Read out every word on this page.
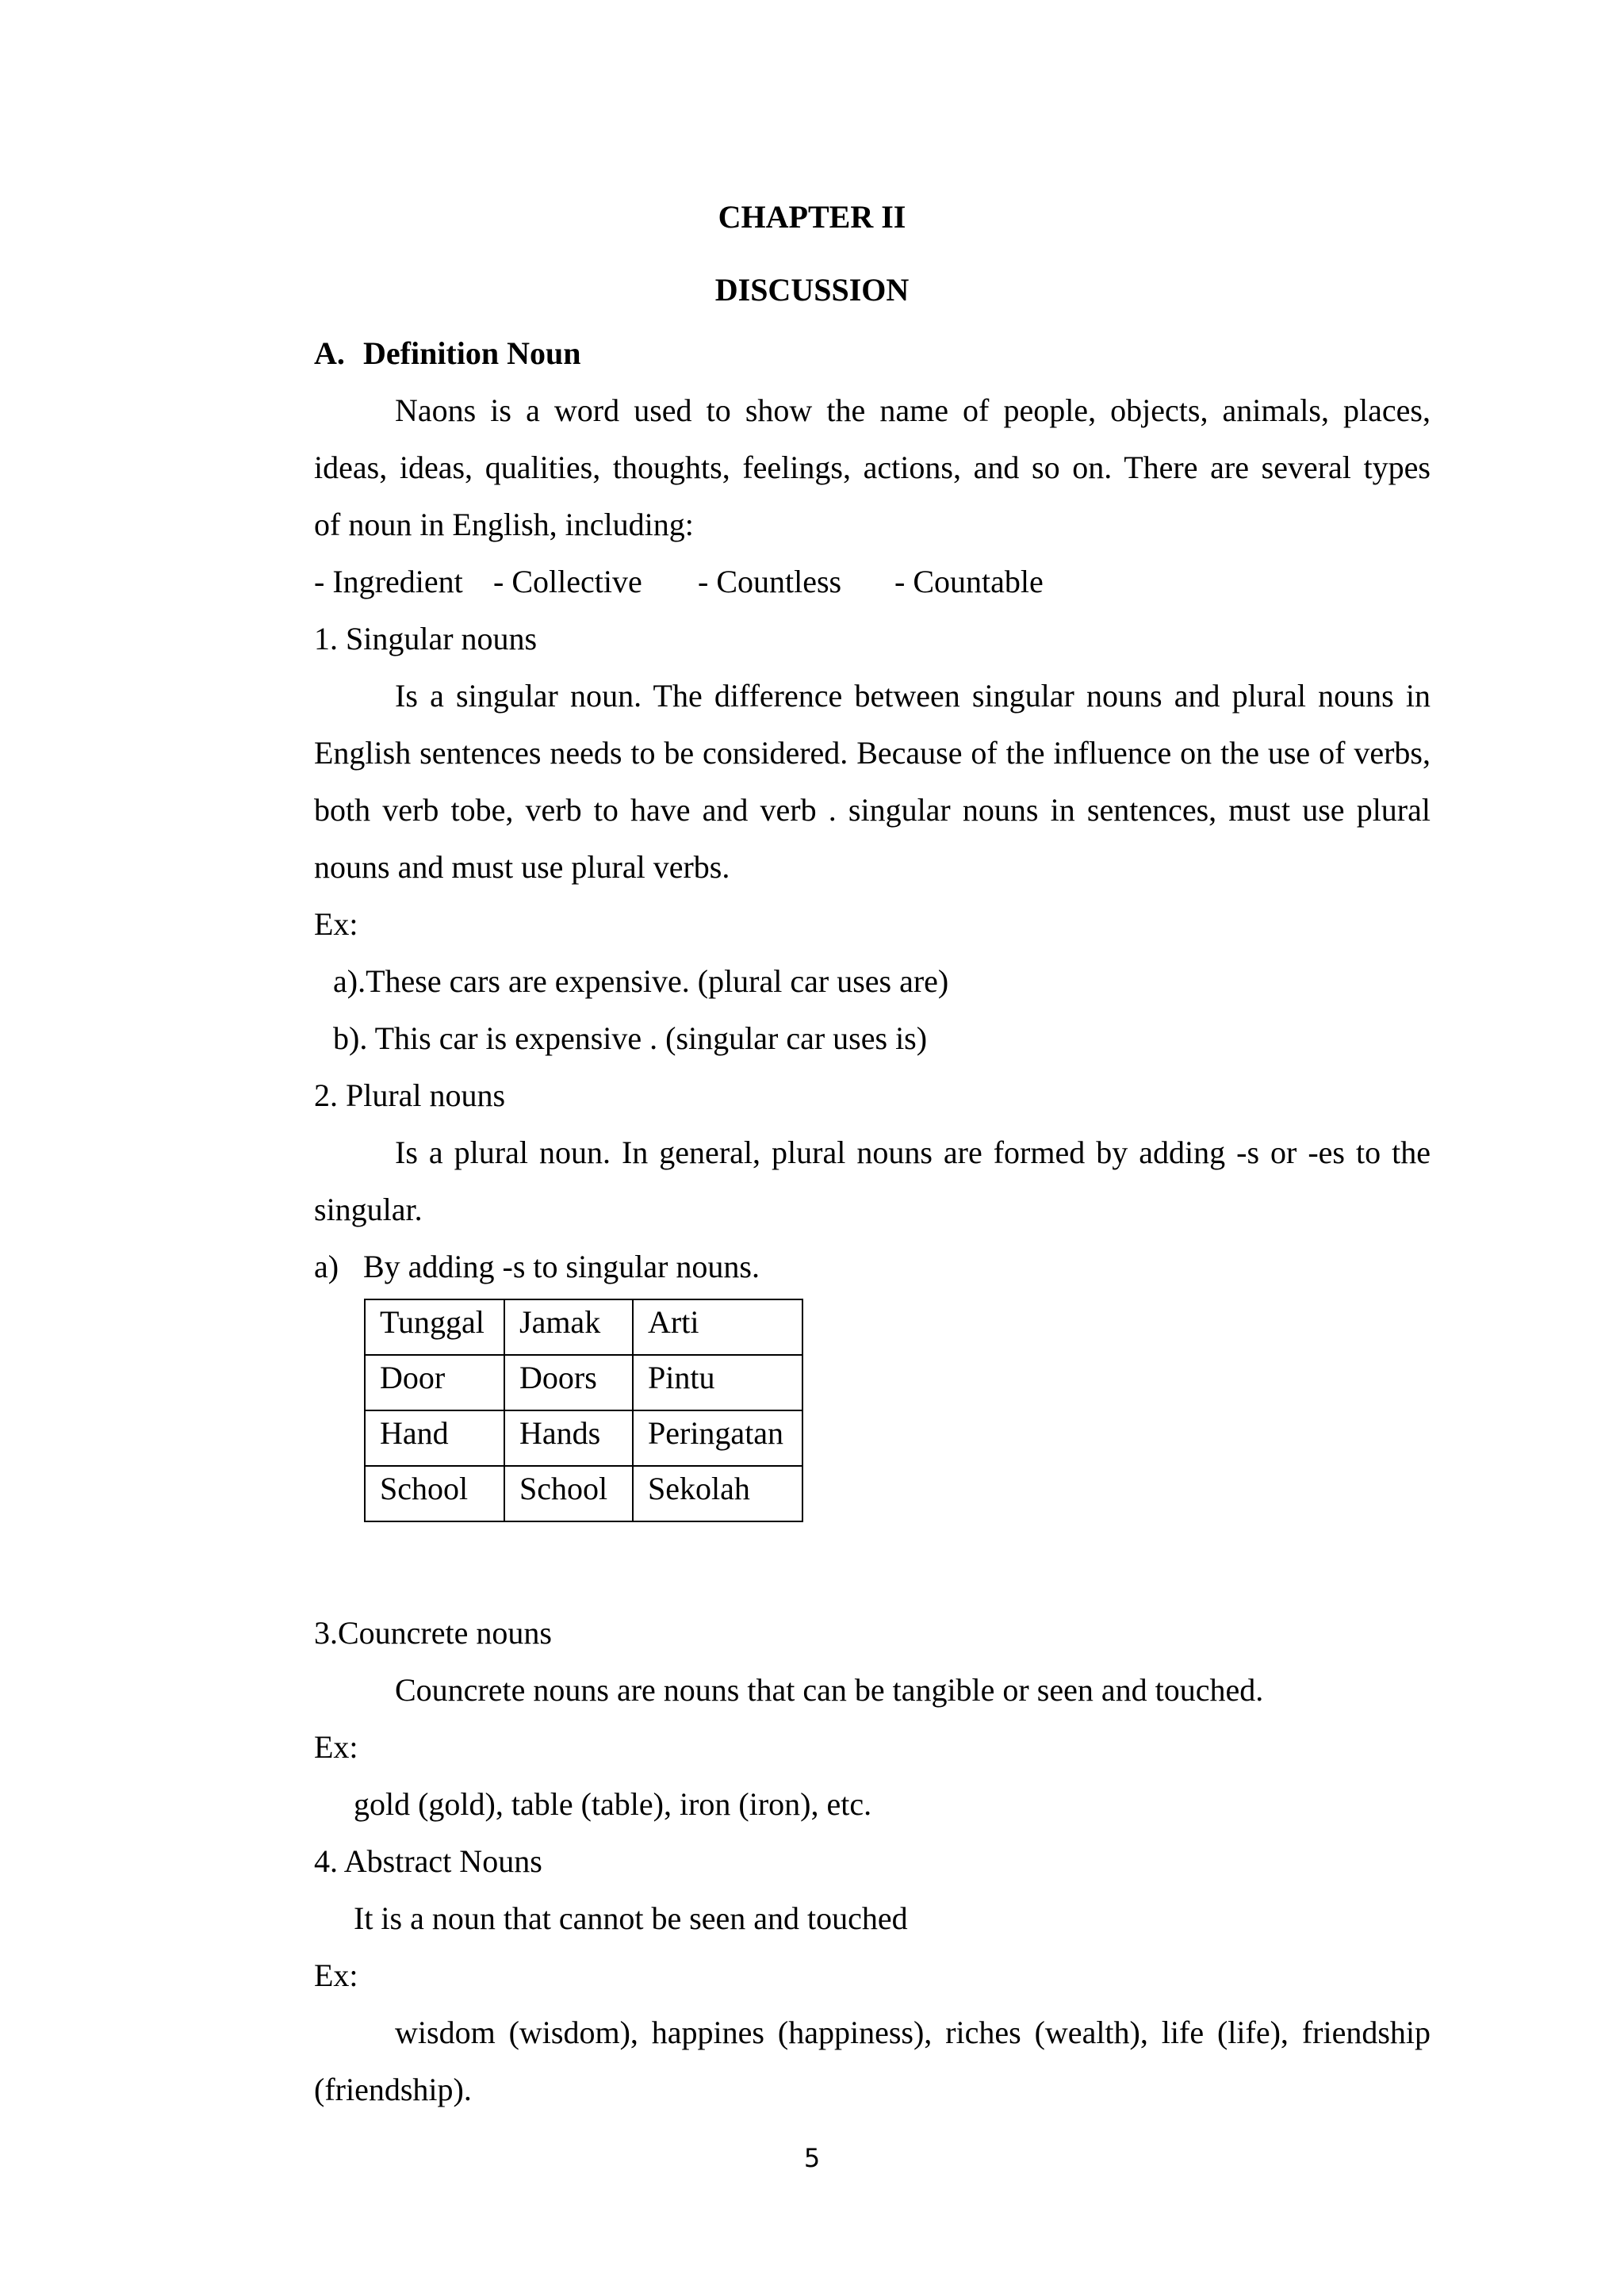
CHAPTER II
DISCUSSION
A. Definition Noun
Naons is a word used to show the name of people, objects, animals, places,
ideas, ideas, qualities, thoughts, feelings, actions, and so on. There are several types
of noun in English, including:
- Ingredient - Collective - Countless - Countable
1. Singular nouns
Is a singular noun. The difference between singular nouns and plural nouns in
English sentences needs to be considered. Because of the influence on the use of verbs,
both verb tobe, verb to have and verb . singular nouns in sentences, must use plural
nouns and must use plural verbs.
Ex:
a).These cars are expensive. (plural car uses are)
b). This car is expensive . (singular car uses is)
2. Plural nouns
Is a plural noun. In general, plural nouns are formed by adding -s or -es to the
singular.
a) By adding -s to singular nouns.
Tunggal	Jamak	Arti
Door	Doors	Pintu
Hand	Hands	Peringatan
School	School	Sekolah
3.Councrete nouns
Councrete nouns are nouns that can be tangible or seen and touched.
Ex:
gold (gold), table (table), iron (iron), etc.
4. Abstract Nouns
It is a noun that cannot be seen and touched
Ex:
wisdom (wisdom), happines (happiness), riches (wealth), life (life), friendship
(friendship).
5
